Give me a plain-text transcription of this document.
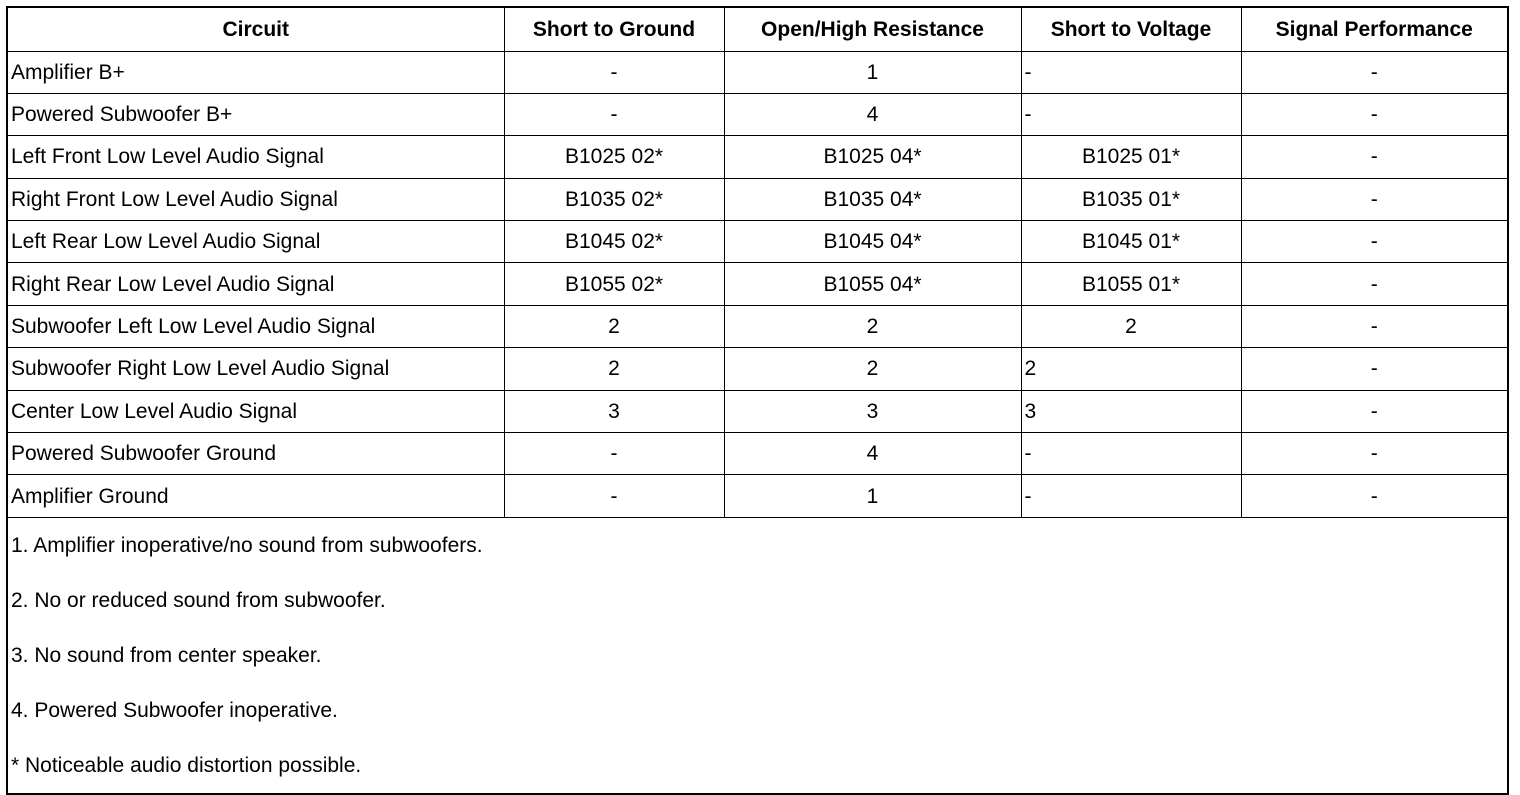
Circuit	Short to Ground	Open/High Resistance	Short to Voltage	Signal Performance
Amplifier B+	-	1	-	-
Powered Subwoofer B+	-	4	-	-
Left Front Low Level Audio Signal	B1025 02*	B1025 04*	B1025 01*	-
Right Front Low Level Audio Signal	B1035 02*	B1035 04*	B1035 01*	-
Left Rear Low Level Audio Signal	B1045 02*	B1045 04*	B1045 01*	-
Right Rear Low Level Audio Signal	B1055 02*	B1055 04*	B1055 01*	-
Subwoofer Left Low Level Audio Signal	2	2	2	-
Subwoofer Right Low Level Audio Signal	2	2	2	-
Center Low Level Audio Signal	3	3	3	-
Powered Subwoofer Ground	-	4	-	-
Amplifier Ground	-	1	-	-
1. Amplifier inoperative/no sound from subwoofers.				
2. No or reduced sound from subwoofer.				
3. No sound from center speaker.				
4. Powered Subwoofer inoperative.				
* Noticeable audio distortion possible.				
